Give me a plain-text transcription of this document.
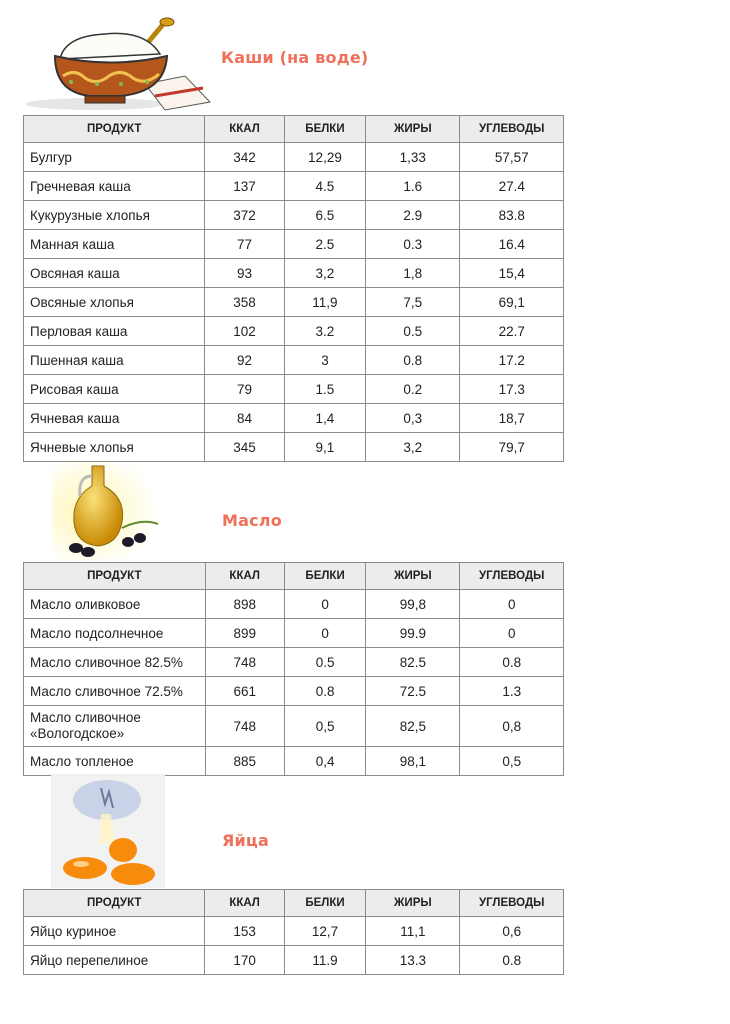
Каши (на воде)
ПРОДУКТ	ККАЛ	БЕЛКИ	ЖИРЫ	УГЛЕВОДЫ
Булгур	342	12,29	1,33	57,57
Гречневая каша	137	4.5	1.6	27.4
Кукурузные хлопья	372	6.5	2.9	83.8
Манная каша	77	2.5	0.3	16.4
Овсяная каша	93	3,2	1,8	15,4
Овсяные хлопья	358	11,9	7,5	69,1
Перловая каша	102	3.2	0.5	22.7
Пшенная каша	92	3	0.8	17.2
Рисовая каша	79	1.5	0.2	17.3
Ячневая каша	84	1,4	0,3	18,7
Ячневые хлопья	345	9,1	3,2	79,7
Масло
ПРОДУКТ	ККАЛ	БЕЛКИ	ЖИРЫ	УГЛЕВОДЫ
Масло оливковое	898	0	99,8	0
Масло подсолнечное	899	0	99.9	0
Масло сливочное 82.5%	748	0.5	82.5	0.8
Масло сливочное 72.5%	661	0.8	72.5	1.3
Масло сливочное «Вологодское»	748	0,5	82,5	0,8
Масло топленое	885	0,4	98,1	0,5
Яйца
ПРОДУКТ	ККАЛ	БЕЛКИ	ЖИРЫ	УГЛЕВОДЫ
Яйцо куриное	153	12,7	11,1	0,6
Яйцо перепелиное	170	11.9	13.3	0.8
